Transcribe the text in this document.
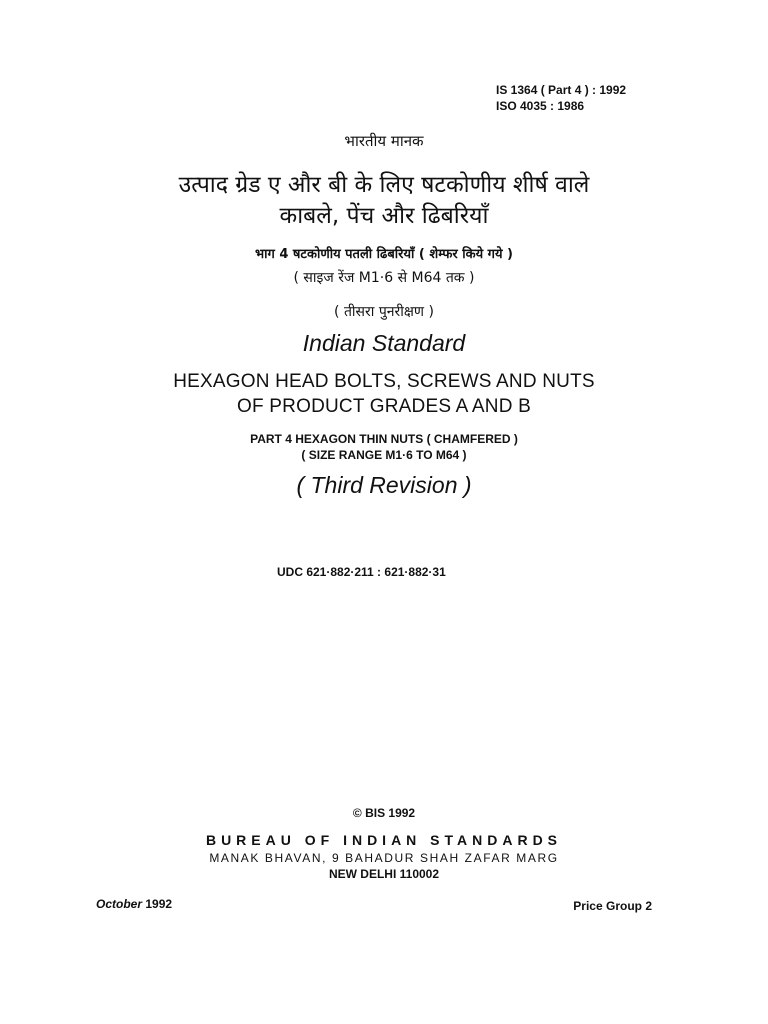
IS 1364 ( Part 4 ) : 1992
ISO 4035 : 1986
भारतीय मानक
उत्पाद ग्रेड ए और बी के लिए षटकोणीय शीर्ष वाले
काबले, पेंच और ढिबरियाँ
भाग 4 षटकोणीय पतली ढिबरियाँ ( शेम्फर किये गये )
( साइज रेंज M1·6 से M64 तक )
( तीसरा पुनरीक्षण )
Indian Standard
HEXAGON HEAD BOLTS, SCREWS AND NUTS
OF PRODUCT GRADES A AND B
PART 4 HEXAGON THIN NUTS ( CHAMFERED )
( SIZE RANGE M1·6 TO M64 )
( Third Revision )
UDC 621·882·211 : 621·882·31
© BIS 1992
BUREAU OF INDIAN STANDARDS
MANAK BHAVAN, 9 BAHADUR SHAH ZAFAR MARG
NEW DELHI 110002
October 1992	Price Group 2
